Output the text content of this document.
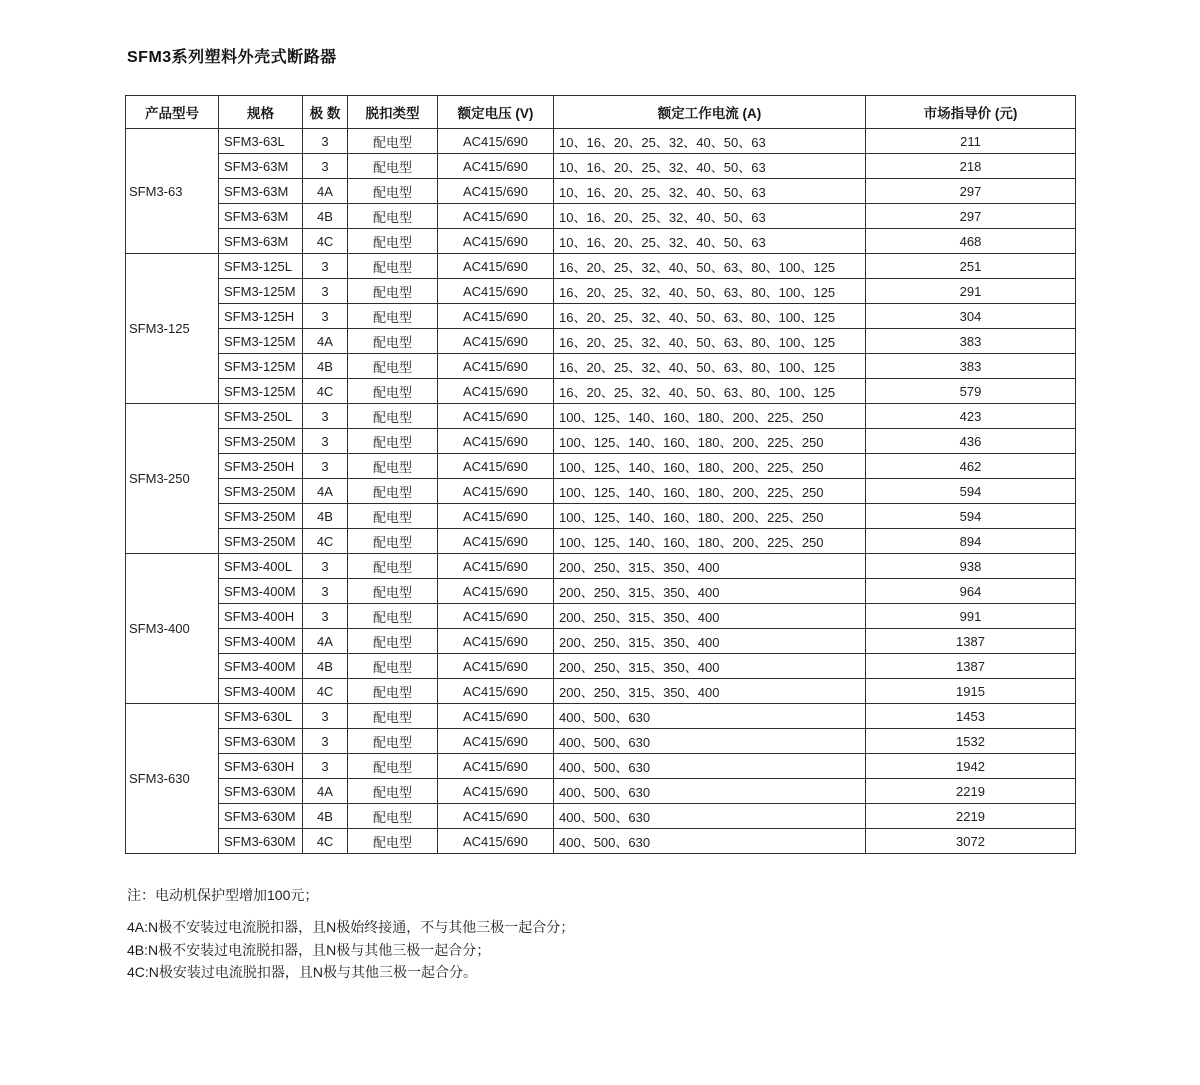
SFM3系列塑料外壳式断路器
产品型号	规格	极 数	脱扣类型	额定电压 (V)	额定工作电流 (A)	市场指导价 (元)
SFM3-63	SFM3-63L	3	配电型	AC415/690	10、16、20、25、32、40、50、63	211
	SFM3-63M	3	配电型	AC415/690	10、16、20、25、32、40、50、63	218
	SFM3-63M	4A	配电型	AC415/690	10、16、20、25、32、40、50、63	297
	SFM3-63M	4B	配电型	AC415/690	10、16、20、25、32、40、50、63	297
	SFM3-63M	4C	配电型	AC415/690	10、16、20、25、32、40、50、63	468
SFM3-125	SFM3-125L	3	配电型	AC415/690	16、20、25、32、40、50、63、80、100、125	251
	SFM3-125M	3	配电型	AC415/690	16、20、25、32、40、50、63、80、100、125	291
	SFM3-125H	3	配电型	AC415/690	16、20、25、32、40、50、63、80、100、125	304
	SFM3-125M	4A	配电型	AC415/690	16、20、25、32、40、50、63、80、100、125	383
	SFM3-125M	4B	配电型	AC415/690	16、20、25、32、40、50、63、80、100、125	383
	SFM3-125M	4C	配电型	AC415/690	16、20、25、32、40、50、63、80、100、125	579
SFM3-250	SFM3-250L	3	配电型	AC415/690	100、125、140、160、180、200、225、250	423
	SFM3-250M	3	配电型	AC415/690	100、125、140、160、180、200、225、250	436
	SFM3-250H	3	配电型	AC415/690	100、125、140、160、180、200、225、250	462
	SFM3-250M	4A	配电型	AC415/690	100、125、140、160、180、200、225、250	594
	SFM3-250M	4B	配电型	AC415/690	100、125、140、160、180、200、225、250	594
	SFM3-250M	4C	配电型	AC415/690	100、125、140、160、180、200、225、250	894
SFM3-400	SFM3-400L	3	配电型	AC415/690	200、250、315、350、400	938
	SFM3-400M	3	配电型	AC415/690	200、250、315、350、400	964
	SFM3-400H	3	配电型	AC415/690	200、250、315、350、400	991
	SFM3-400M	4A	配电型	AC415/690	200、250、315、350、400	1387
	SFM3-400M	4B	配电型	AC415/690	200、250、315、350、400	1387
	SFM3-400M	4C	配电型	AC415/690	200、250、315、350、400	1915
SFM3-630	SFM3-630L	3	配电型	AC415/690	400、500、630	1453
	SFM3-630M	3	配电型	AC415/690	400、500、630	1532
	SFM3-630H	3	配电型	AC415/690	400、500、630	1942
	SFM3-630M	4A	配电型	AC415/690	400、500、630	2219
	SFM3-630M	4B	配电型	AC415/690	400、500、630	2219
	SFM3-630M	4C	配电型	AC415/690	400、500、630	3072

注：电动机保护型增加100元；

4A:N极不安装过电流脱扣器，且N极始终接通，不与其他三极一起合分；

4B:N极不安装过电流脱扣器，且N极与其他三极一起合分；

4C:N极安装过电流脱扣器，且N极与其他三极一起合分。
